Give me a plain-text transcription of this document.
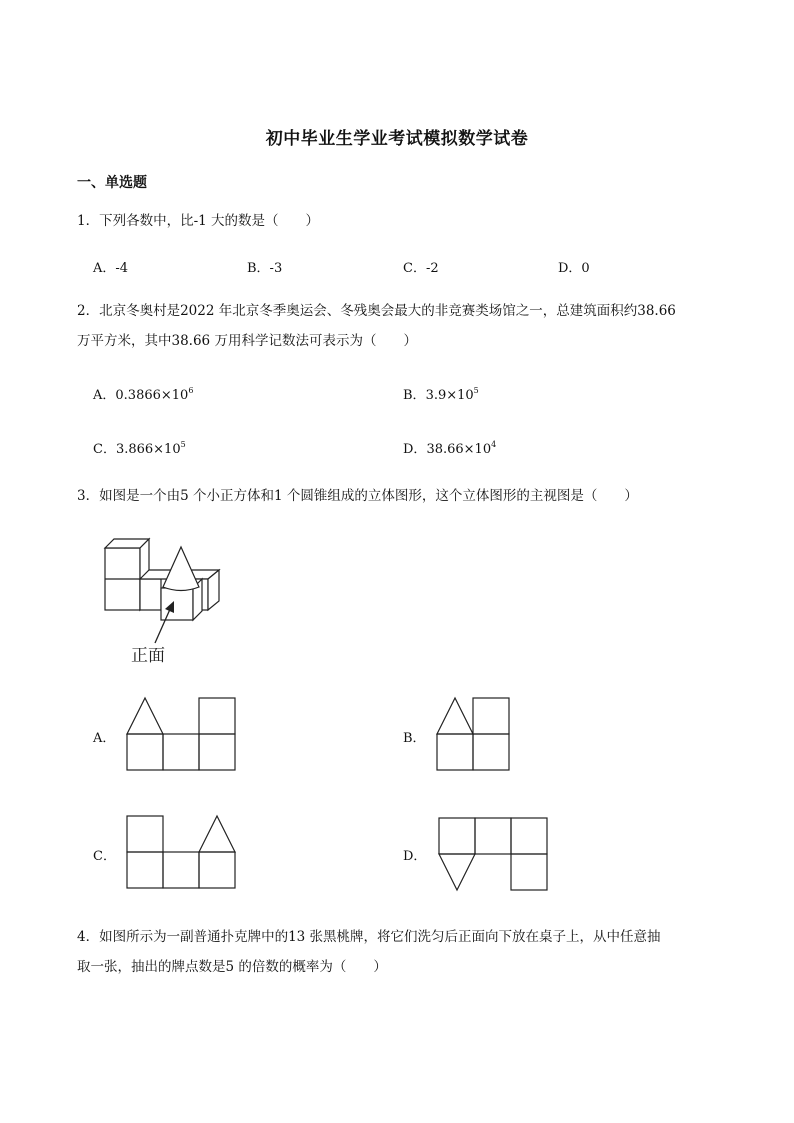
初中毕业生学业考试模拟数学试卷
一、单选题
1．下列各数中，比-1 大的数是（　　）
A．-4	B．-3	C．-2	D．0
2．北京冬奥村是2022 年北京冬季奥运会、冬残奥会最大的非竞赛类场馆之一，总建筑面积约38.66
万平方米，其中38.66 万用科学记数法可表示为（　　）
A．$0.3866\times 10^6$	B．$3.9\times 10^5$
C．$3.866\times 10^5$	D．$38.66\times 10^4$
3．如图是一个由5 个小正方体和1 个圆锥组成的立体图形，这个立体图形的主视图是（　　）
正面
A．	B．
C．	D．
4．如图所示为一副普通扑克牌中的13 张黑桃牌，将它们洗匀后正面向下放在桌子上，从中任意抽
取一张，抽出的牌点数是5 的倍数的概率为（　　）
